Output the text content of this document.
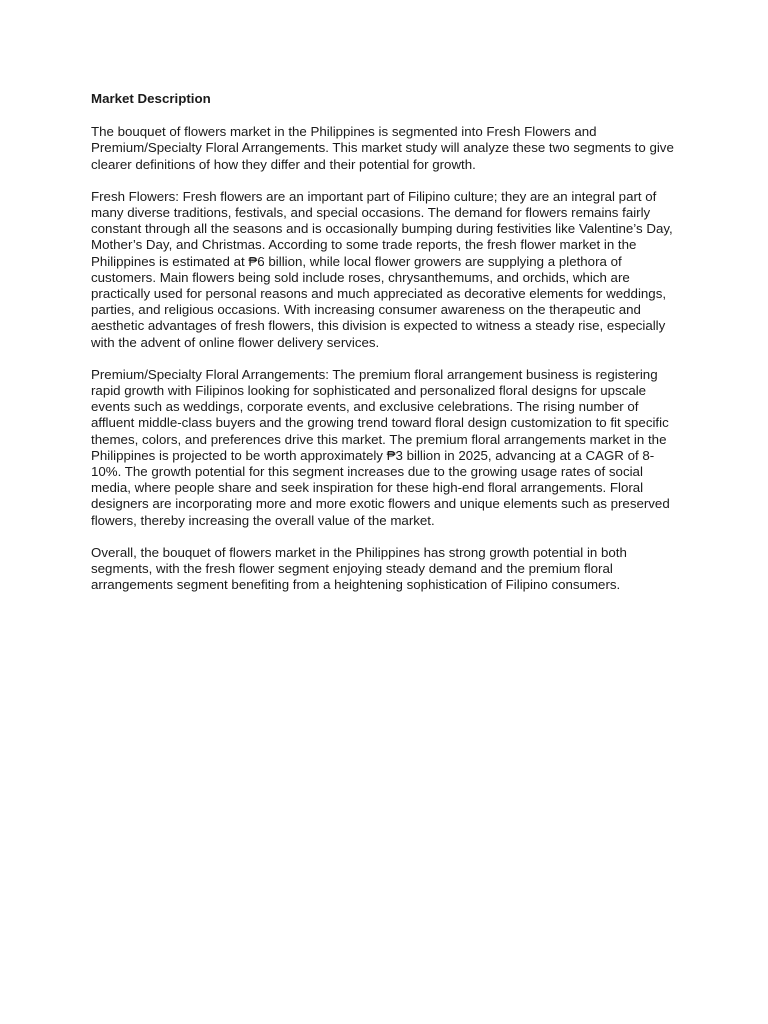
Market Description

The bouquet of flowers market in the Philippines is segmented into Fresh Flowers and Premium/Specialty Floral Arrangements. This market study will analyze these two segments to give clearer definitions of how they differ and their potential for growth.

Fresh Flowers: Fresh flowers are an important part of Filipino culture; they are an integral part of many diverse traditions, festivals, and special occasions. The demand for flowers remains fairly constant through all the seasons and is occasionally bumping during festivities like Valentine’s Day, Mother’s Day, and Christmas. According to some trade reports, the fresh flower market in the Philippines is estimated at ₱6 billion, while local flower growers are supplying a plethora of customers. Main flowers being sold include roses, chrysanthemums, and orchids, which are practically used for personal reasons and much appreciated as decorative elements for weddings, parties, and religious occasions. With increasing consumer awareness on the therapeutic and aesthetic advantages of fresh flowers, this division is expected to witness a steady rise, especially with the advent of online flower delivery services.

Premium/Specialty Floral Arrangements: The premium floral arrangement business is registering rapid growth with Filipinos looking for sophisticated and personalized floral designs for upscale events such as weddings, corporate events, and exclusive celebrations. The rising number of affluent middle-class buyers and the growing trend toward floral design customization to fit specific themes, colors, and preferences drive this market. The premium floral arrangements market in the Philippines is projected to be worth approximately ₱3 billion in 2025, advancing at a CAGR of 8-10%. The growth potential for this segment increases due to the growing usage rates of social media, where people share and seek inspiration for these high-end floral arrangements. Floral designers are incorporating more and more exotic flowers and unique elements such as preserved flowers, thereby increasing the overall value of the market.

Overall, the bouquet of flowers market in the Philippines has strong growth potential in both segments, with the fresh flower segment enjoying steady demand and the premium floral arrangements segment benefiting from a heightening sophistication of Filipino consumers.
